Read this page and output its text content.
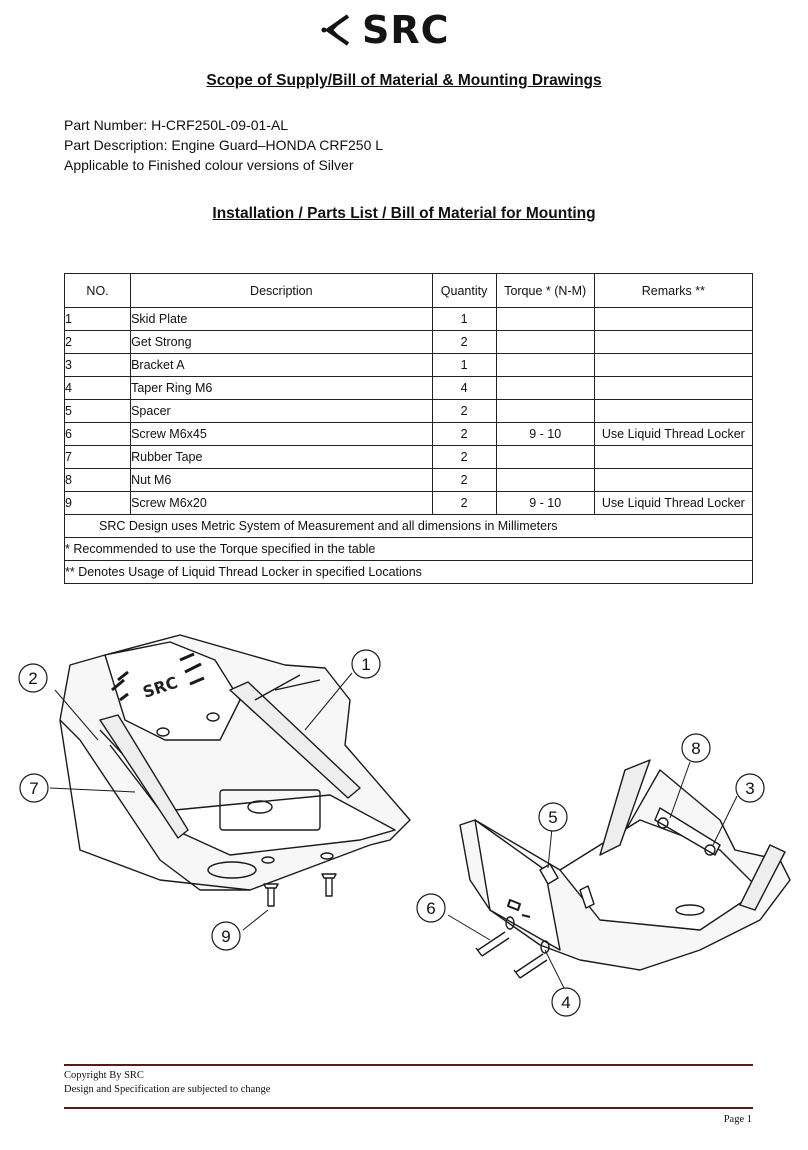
SRC
Scope of Supply/Bill of Material & Mounting Drawings
Part Number: H-CRF250L-09-01-AL
Part Description: Engine Guard–HONDA CRF250 L
Applicable to Finished colour versions of Silver
Installation / Parts List / Bill of Material for Mounting
NO.	Description	Quantity	Torque * (N-M)	Remarks **
1	Skid Plate	1		
2	Get Strong	2		
3	Bracket A	1		
4	Taper Ring M6	4		
5	Spacer	2		
6	Screw M6x45	2	9 - 10	Use Liquid Thread Locker
7	Rubber Tape	2		
8	Nut M6	2		
9	Screw M6x20	2	9 - 10	Use Liquid Thread Locker
SRC Design uses Metric System of Measurement and all dimensions in Millimeters				
* Recommended to use the Torque specified in the table				
** Denotes Usage of Liquid Thread Locker in specified Locations				
SRC
1
2
7
9
8
3
5
6
4
Copyright By SRC
Design and Specification are subjected to change
Page 1
